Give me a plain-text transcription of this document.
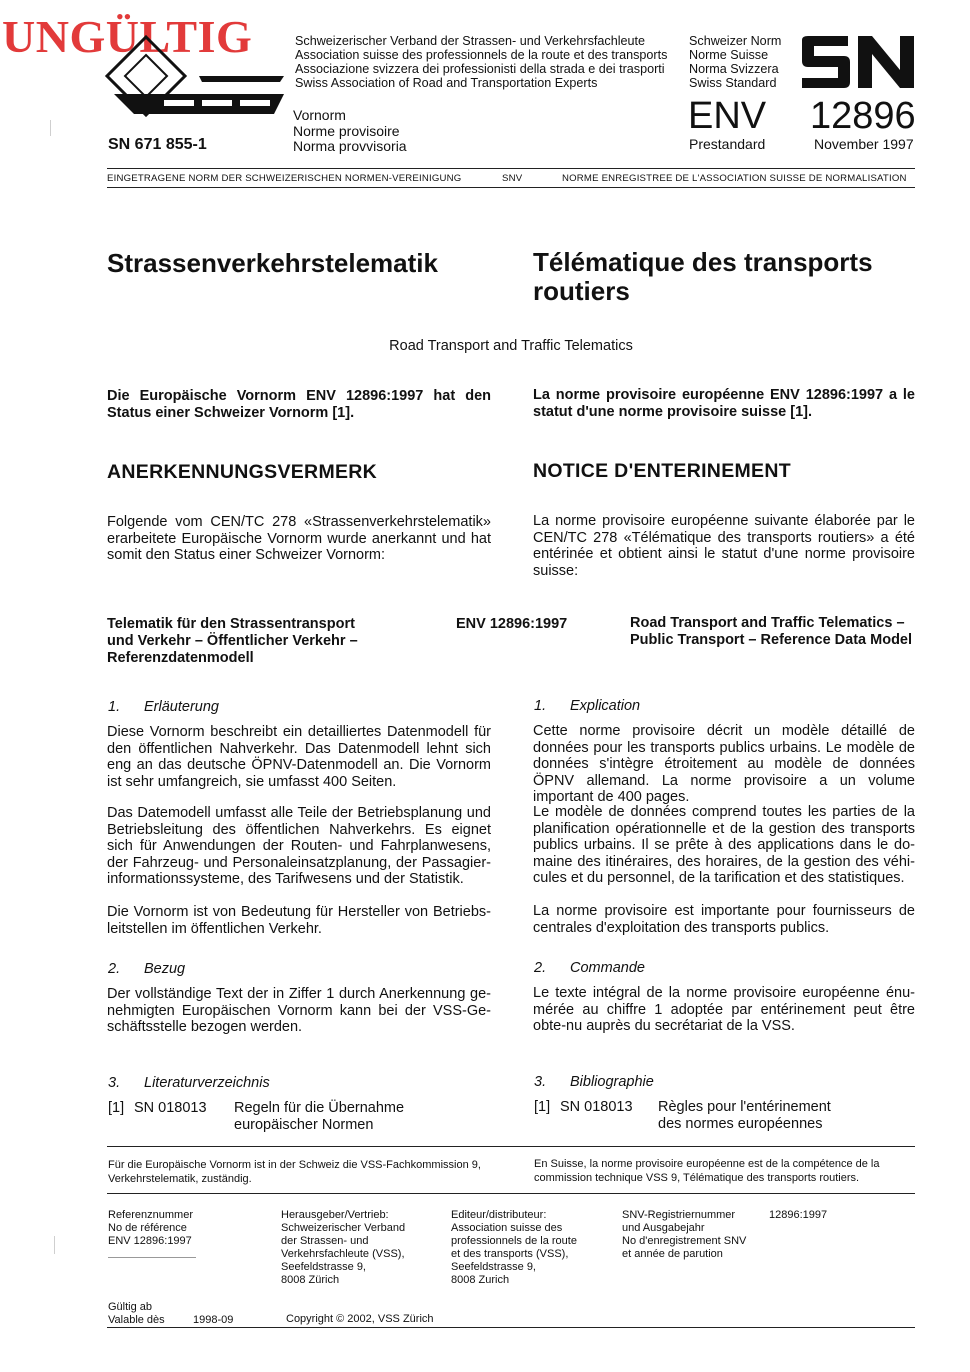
UNGÜLTIG
SN 671 855-1
Schweizerischer Verband der Strassen- und Verkehrsfachleute
Association suisse des professionnels de la route et des transports
Associazione svizzera dei professionisti della strada e dei trasporti
Swiss Association of Road and Transportation Experts
Vornorm
Norme provisoire
Norma provvisoria
Schweizer Norm
Norme Suisse
Norma Svizzera
Swiss Standard
ENV 12896
Prestandard	November 1997
EINGETRAGENE NORM DER SCHWEIZERISCHEN NORMEN-VEREINIGUNG	SNV	NORME ENREGISTREE DE L'ASSOCIATION SUISSE DE NORMALISATION
Strassenverkehrstelematik	Télématique des transports
routiers
Road Transport and Traffic Telematics
Die Europäische Vornorm ENV 12896:1997 hat den Status einer Schweizer Vornorm [1].
La norme provisoire européenne ENV 12896:1997 a le statut d'une norme provisoire suisse [1].
ANERKENNUNGSVERMERK	NOTICE D'ENTERINEMENT
Folgende vom CEN/TC 278 «Strassenverkehrstelematik» erarbeitete Europäische Vornorm wurde anerkannt und hat somit den Status einer Schweizer Vornorm:
La norme provisoire européenne suivante élaborée par le CEN/TC 278 «Télématique des transports routiers» a été entérinée et obtient ainsi le statut d'une norme provisoire suisse:
Telematik für den Strassentransport
und Verkehr – Öffentlicher Verkehr –
Referenzdatenmodell
ENV 12896:1997	Road Transport and Traffic Telematics –
Public Transport – Reference Data Model
1. Erläuterung
Diese Vornorm beschreibt ein detailliertes Datenmodell für den öffentlichen Nahverkehr. Das Datenmodell lehnt sich eng an das deutsche ÖPNV-Datenmodell an. Die Vornorm ist sehr umfangreich, sie umfasst 400 Seiten.
Das Datemodell umfasst alle Teile der Betriebsplanung und Betriebsleitung des öffentlichen Nahverkehrs. Es eignet sich für Anwendungen der Routen- und Fahrplanwesens, der Fahrzeug- und Personaleinsatzplanung, der Passagier-informationssysteme, des Tarifwesens und der Statistik.
Die Vornorm ist von Bedeutung für Hersteller von Betriebs-leitstellen im öffentlichen Verkehr.
2. Bezug
Der vollständige Text der in Ziffer 1 durch Anerkennung ge-nehmigten Europäischen Vornorm kann bei der VSS-Ge-schäftsstelle bezogen werden.
3. Literaturverzeichnis
[1] SN 018013 Regeln für die Übernahme
europäischer Normen
1. Explication
Cette norme provisoire décrit un modèle détaillé de données pour les transports publics urbains. Le modèle de données s'intègre étroitement au modèle de données ÖPNV allemand. La norme provisoire a un volume important de 400 pages.
Le modèle de données comprend toutes les parties de la planification opérationnelle et de la gestion des transports publics urbains. Il se prête à des applications dans le do-maine des itinéraires, des horaires, de la gestion des véhi-cules et du personnel, de la tarification et des statistiques.
La norme provisoire est importante pour fournisseurs de centrales d'exploitation des transports publics.
2. Commande
Le texte intégral de la norme provisoire européenne énu-mérée au chiffre 1 adoptée par entérinement peut être obte-nu auprès du secrétariat de la VSS.
3. Bibliographie
[1] SN 018013 Règles pour l'entérinement
des normes européennes
Für die Europäische Vornorm ist in der Schweiz die VSS-Fachkommission 9, Verkehrstelematik, zuständig.
En Suisse, la norme provisoire européenne est de la compétence de la commission technique VSS 9, Télématique des transports routiers.
Referenznummer
No de référence
ENV 12896:1997
Herausgeber/Vertrieb:
Schweizerischer Verband
der Strassen- und
Verkehrsfachleute (VSS),
Seefeldstrasse 9,
8008 Zürich
Editeur/distributeur:
Association suisse des
professionnels de la route
et des transports (VSS),
Seefeldstrasse 9,
8008 Zurich
SNV-Registriernummer
und Ausgabejahr
No d'enregistrement SNV
et année de parution
12896:1997
Gültig ab
Valable dès	1998-09	Copyright © 2002, VSS Zürich
